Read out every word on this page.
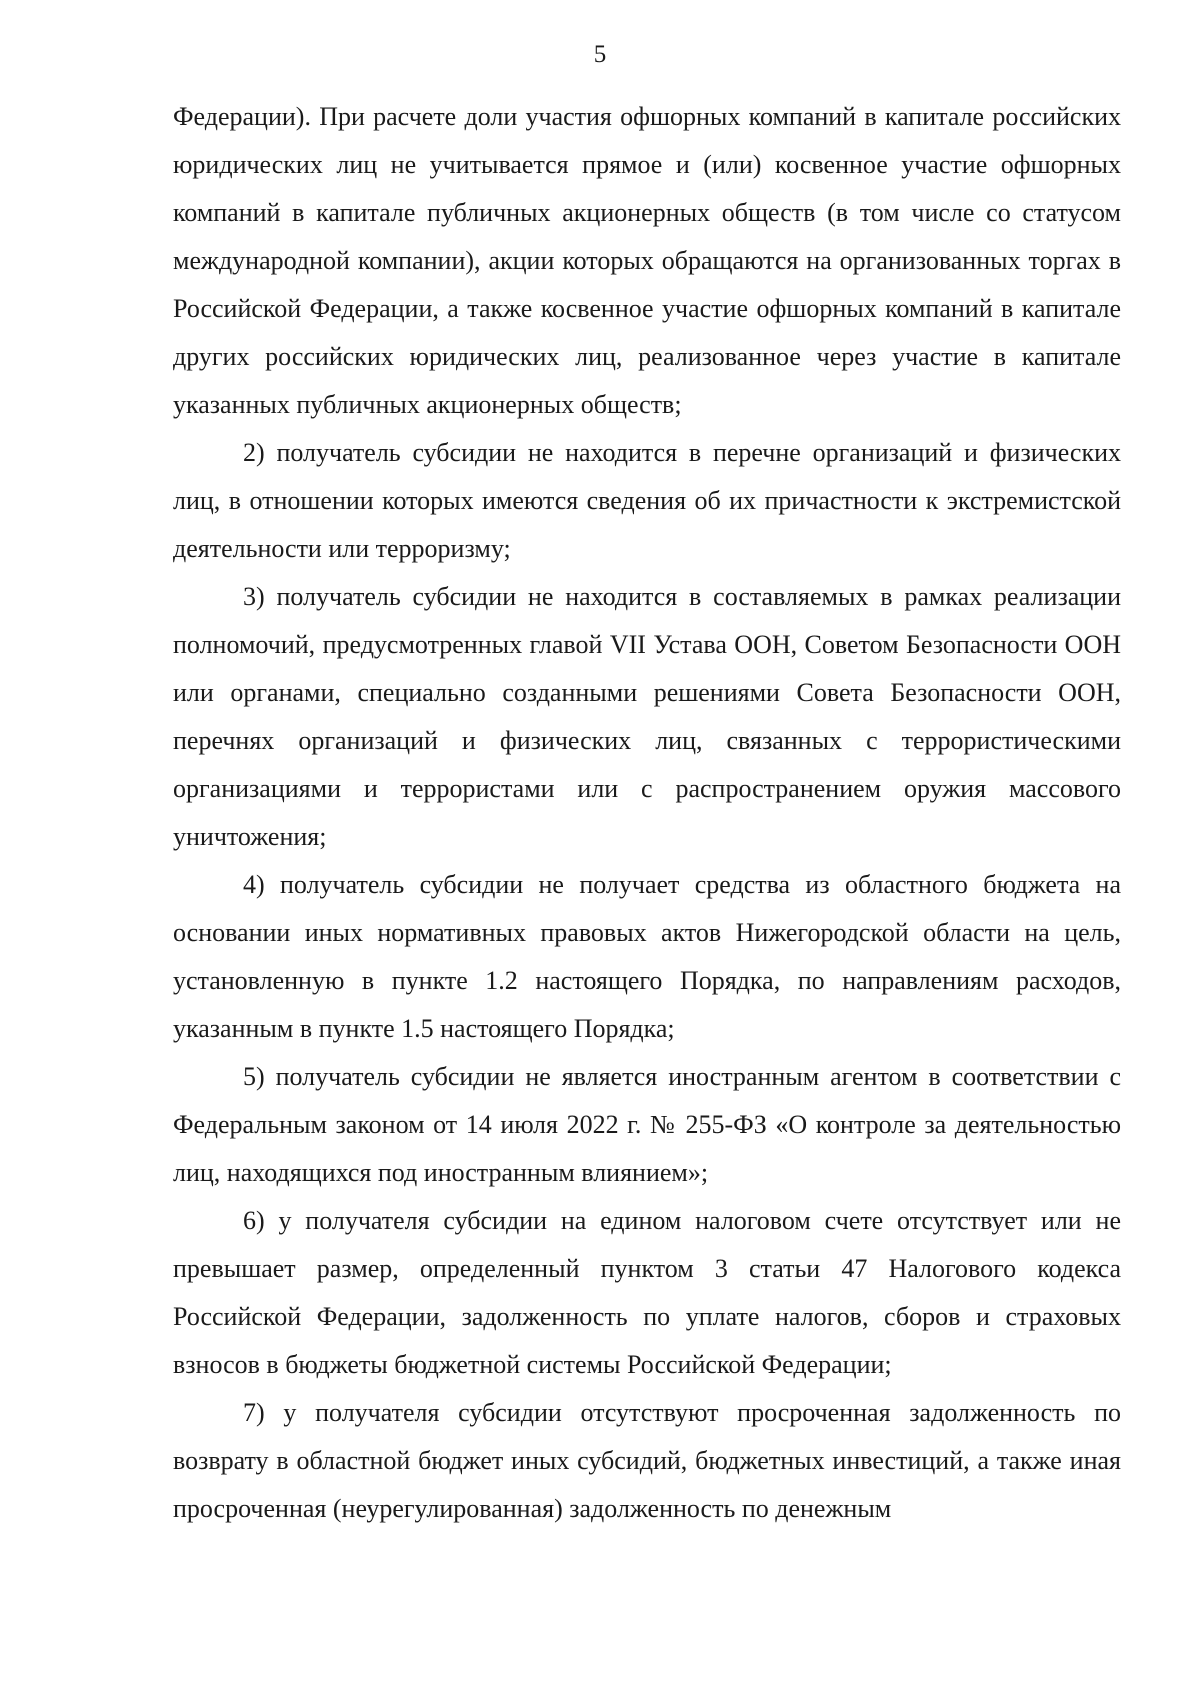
5

Федерации). При расчете доли участия офшорных компаний в капитале российских юридических лиц не учитывается прямое и (или) косвенное участие офшорных компаний в капитале публичных акционерных обществ (в том числе со статусом международной компании), акции которых обращаются на организованных торгах в Российской Федерации, а также косвенное участие офшорных компаний в капитале других российских юридических лиц, реализованное через участие в капитале указанных публичных акционерных обществ;

2) получатель субсидии не находится в перечне организаций и физических лиц, в отношении которых имеются сведения об их причастности к экстремистской деятельности или терроризму;

3) получатель субсидии не находится в составляемых в рамках реализации полномочий, предусмотренных главой VII Устава ООН, Советом Безопасности ООН или органами, специально созданными решениями Совета Безопасности ООН, перечнях организаций и физических лиц, связанных с террористическими организациями и террористами или с распространением оружия массового уничтожения;

4) получатель субсидии не получает средства из областного бюджета на основании иных нормативных правовых актов Нижегородской области на цель, установленную в пункте 1.2 настоящего Порядка, по направлениям расходов, указанным в пункте 1.5 настоящего Порядка;

5) получатель субсидии не является иностранным агентом в соответствии с Федеральным законом от 14 июля 2022 г. № 255-ФЗ «О контроле за деятельностью лиц, находящихся под иностранным влиянием»;

6) у получателя субсидии на едином налоговом счете отсутствует или не превышает размер, определенный пунктом 3 статьи 47 Налогового кодекса Российской Федерации, задолженность по уплате налогов, сборов и страховых взносов в бюджеты бюджетной системы Российской Федерации;

7) у получателя субсидии отсутствуют просроченная задолженность по возврату в областной бюджет иных субсидий, бюджетных инвестиций, а также иная просроченная (неурегулированная) задолженность по денежным
